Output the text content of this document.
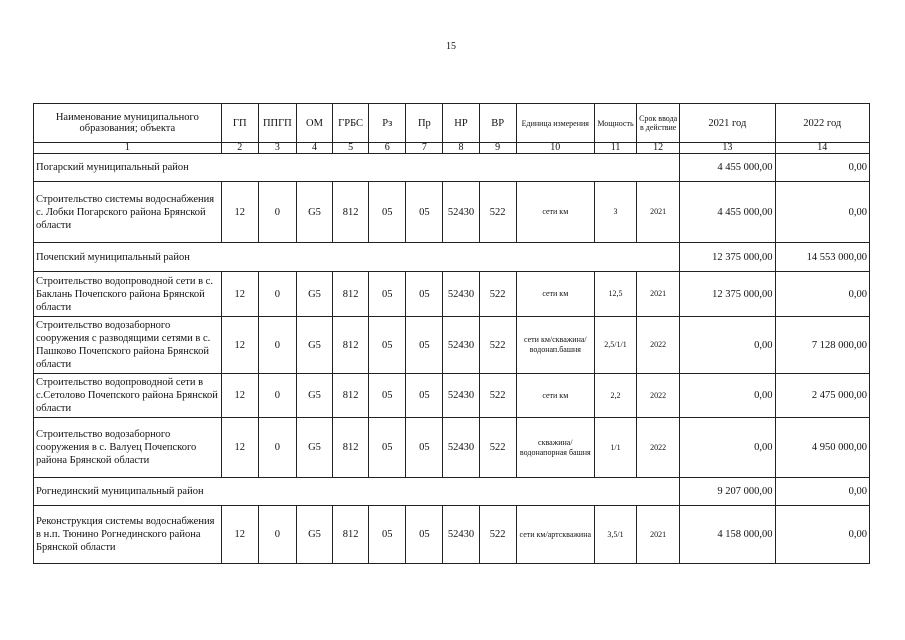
15
Наименование муниципального образования; объекта	ГП	ППГП	ОМ	ГРБС	Рз	Пр	НР	ВР	Единица измерения	Мощность	Срок ввода в действие	2021 год	2022 год
1	2	3	4	5	6	7	8	9	10	11	12	13	14
Погарский муниципальный район												4 455 000,00	0,00
Строительство системы водоснабжения с. Лобки Погарского района Брянской области	12	0	G5	812	05	05	52430	522	сети км	3	2021	4 455 000,00	0,00
Почепский муниципальный район												12 375 000,00	14 553 000,00
Строительство водопроводной сети в с. Баклань Почепского района Брянской области	12	0	G5	812	05	05	52430	522	сети км	12,5	2021	12 375 000,00	0,00
Строительство водозаборного сооружения с разводящими сетями в с. Пашково Почепского района Брянской области	12	0	G5	812	05	05	52430	522	сети км/скважина/водонап.башня	2,5/1/1	2022	0,00	7 128 000,00
Строительство водопроводной сети в с.Сетолово Почепского района Брянской области	12	0	G5	812	05	05	52430	522	сети км	2,2	2022	0,00	2 475 000,00
Строительство водозаборного сооружения в с. Валуец Почепского района Брянской области	12	0	G5	812	05	05	52430	522	скважина/водонапорная башня	1/1	2022	0,00	4 950 000,00
Рогнединский муниципальный район												9 207 000,00	0,00
Реконструкция системы водоснабжения в н.п. Тюнино Рогнединского района Брянской области	12	0	G5	812	05	05	52430	522	сети км/артскважина	3,5/1	2021	4 158 000,00	0,00
